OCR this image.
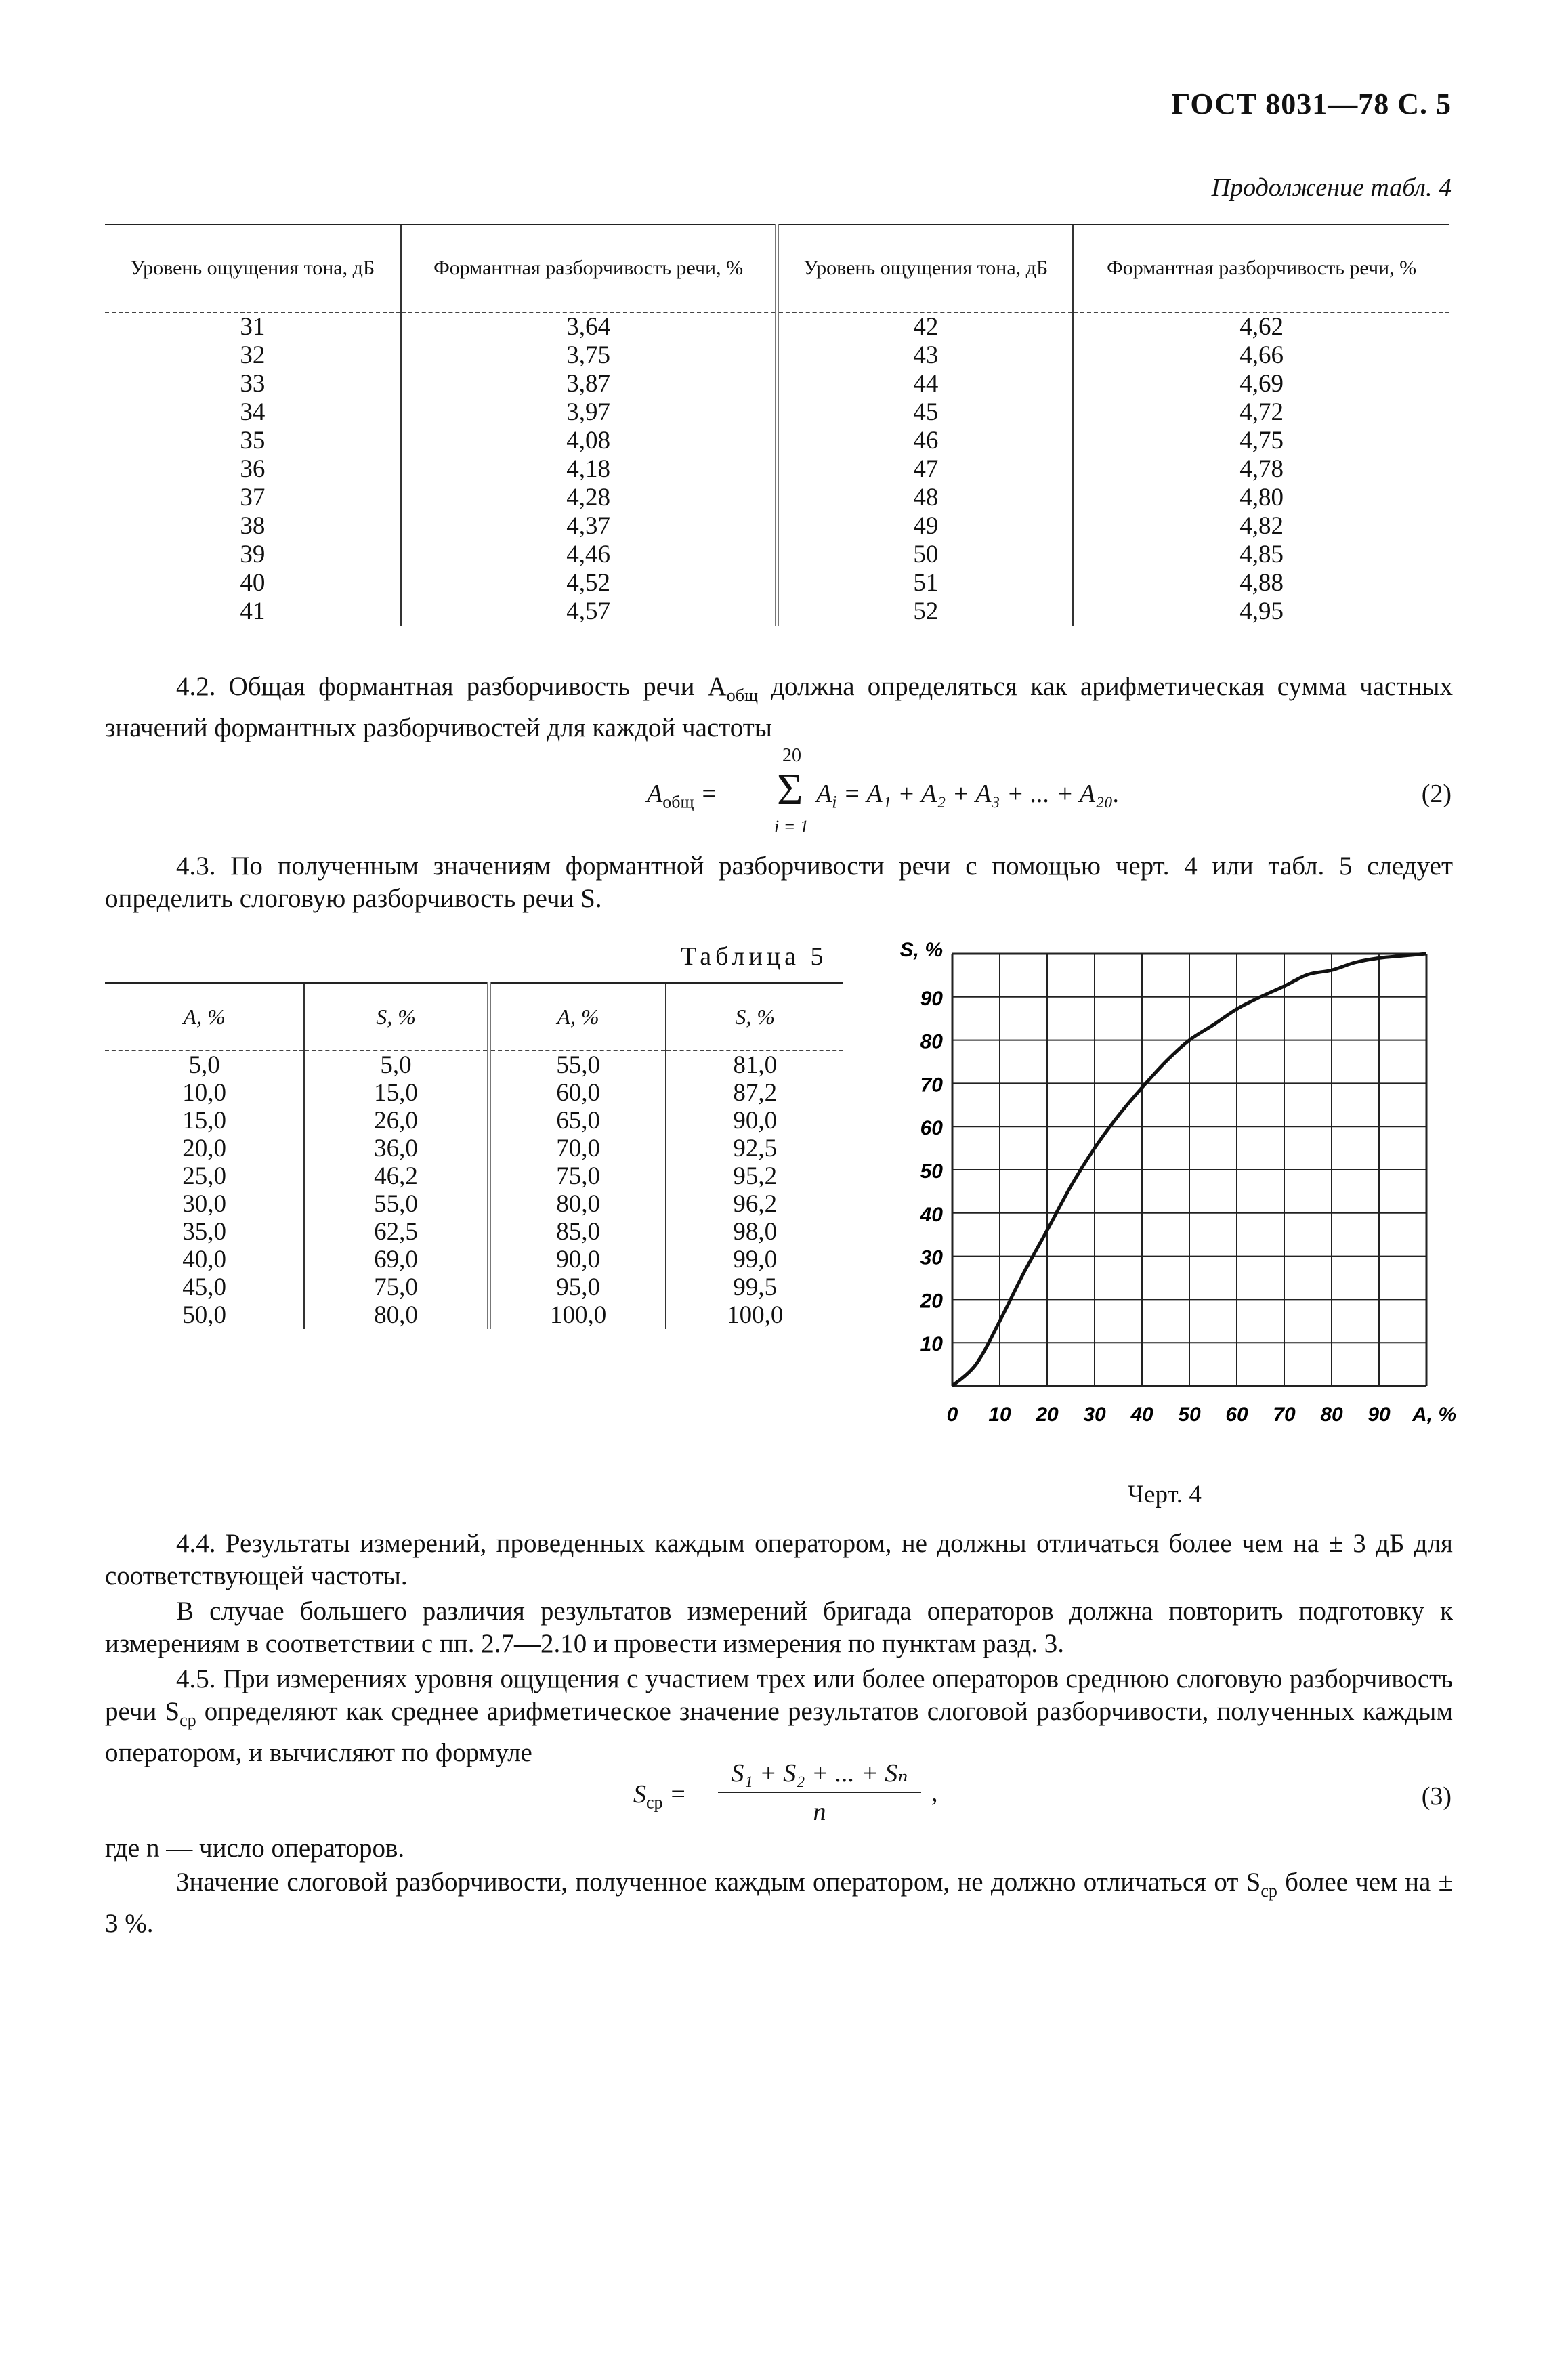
ГОСТ 8031—78 С. 5
Продолжение табл. 4
Уровень ощущения тона, дБ	Формантная разборчивость речи, %	Уровень ощущения тона, дБ	Формантная разборчивость речи, %
31	3,64	42	4,62
32	3,75	43	4,66
33	3,87	44	4,69
34	3,97	45	4,72
35	4,08	46	4,75
36	4,18	47	4,78
37	4,28	48	4,80
38	4,37	49	4,82
39	4,46	50	4,85
40	4,52	51	4,88
41	4,57	52	4,95
4.2. Общая формантная разборчивость речи $A_{общ}$ должна определяться как арифметическая сумма частных значений формантных разборчивостей для каждой частоты
$A_{общ}$ =
20
Σ
i = 1
$A_i = A_1 + A_2 + A_3$ + ... + A₂₀.	(2)
4.3. По полученным значениям формантной разборчивости речи с помощью черт. 4 или табл. 5 следует определить слоговую разборчивость речи S.
Таблица 5
A, %	S, %	A, %	S, %
5,0	5,0	55,0	81,0
10,0	15,0	60,0	87,2
15,0	26,0	65,0	90,0
20,0	36,0	70,0	92,5
25,0	46,2	75,0	95,2
30,0	55,0	80,0	96,2
35,0	62,5	85,0	98,0
40,0	69,0	90,0	99,0
45,0	75,0	95,0	99,5
50,0	80,0	100,0	100,0
0 10 20 30 40 50 60 70 80 90
10
20
30
40
50
60
70
80
90
A, %
S, %
Черт. 4
4.4. Результаты измерений, проведенных каждым оператором, не должны отличаться более чем на ± 3 дБ для соответствующей частоты.
В случае большего различия результатов измерений бригада операторов должна повторить подготовку к измерениям в соответствии с пп. 2.7—2.10 и провести измерения по пунктам разд. 3.
4.5. При измерениях уровня ощущения с участием трех или более операторов среднюю слоговую разборчивость речи $S_{ср}$ определяют как среднее арифметическое значение результатов слоговой разборчивости, полученных каждым оператором, и вычисляют по формуле
$S_{ср}$ =
S₁ + S₂ + ... + Sₙ
n
,	(3)
где n — число операторов.
Значение слоговой разборчивости, полученное каждым оператором, не должно отличаться от $S_{ср}$ более чем на ± 3 %.
